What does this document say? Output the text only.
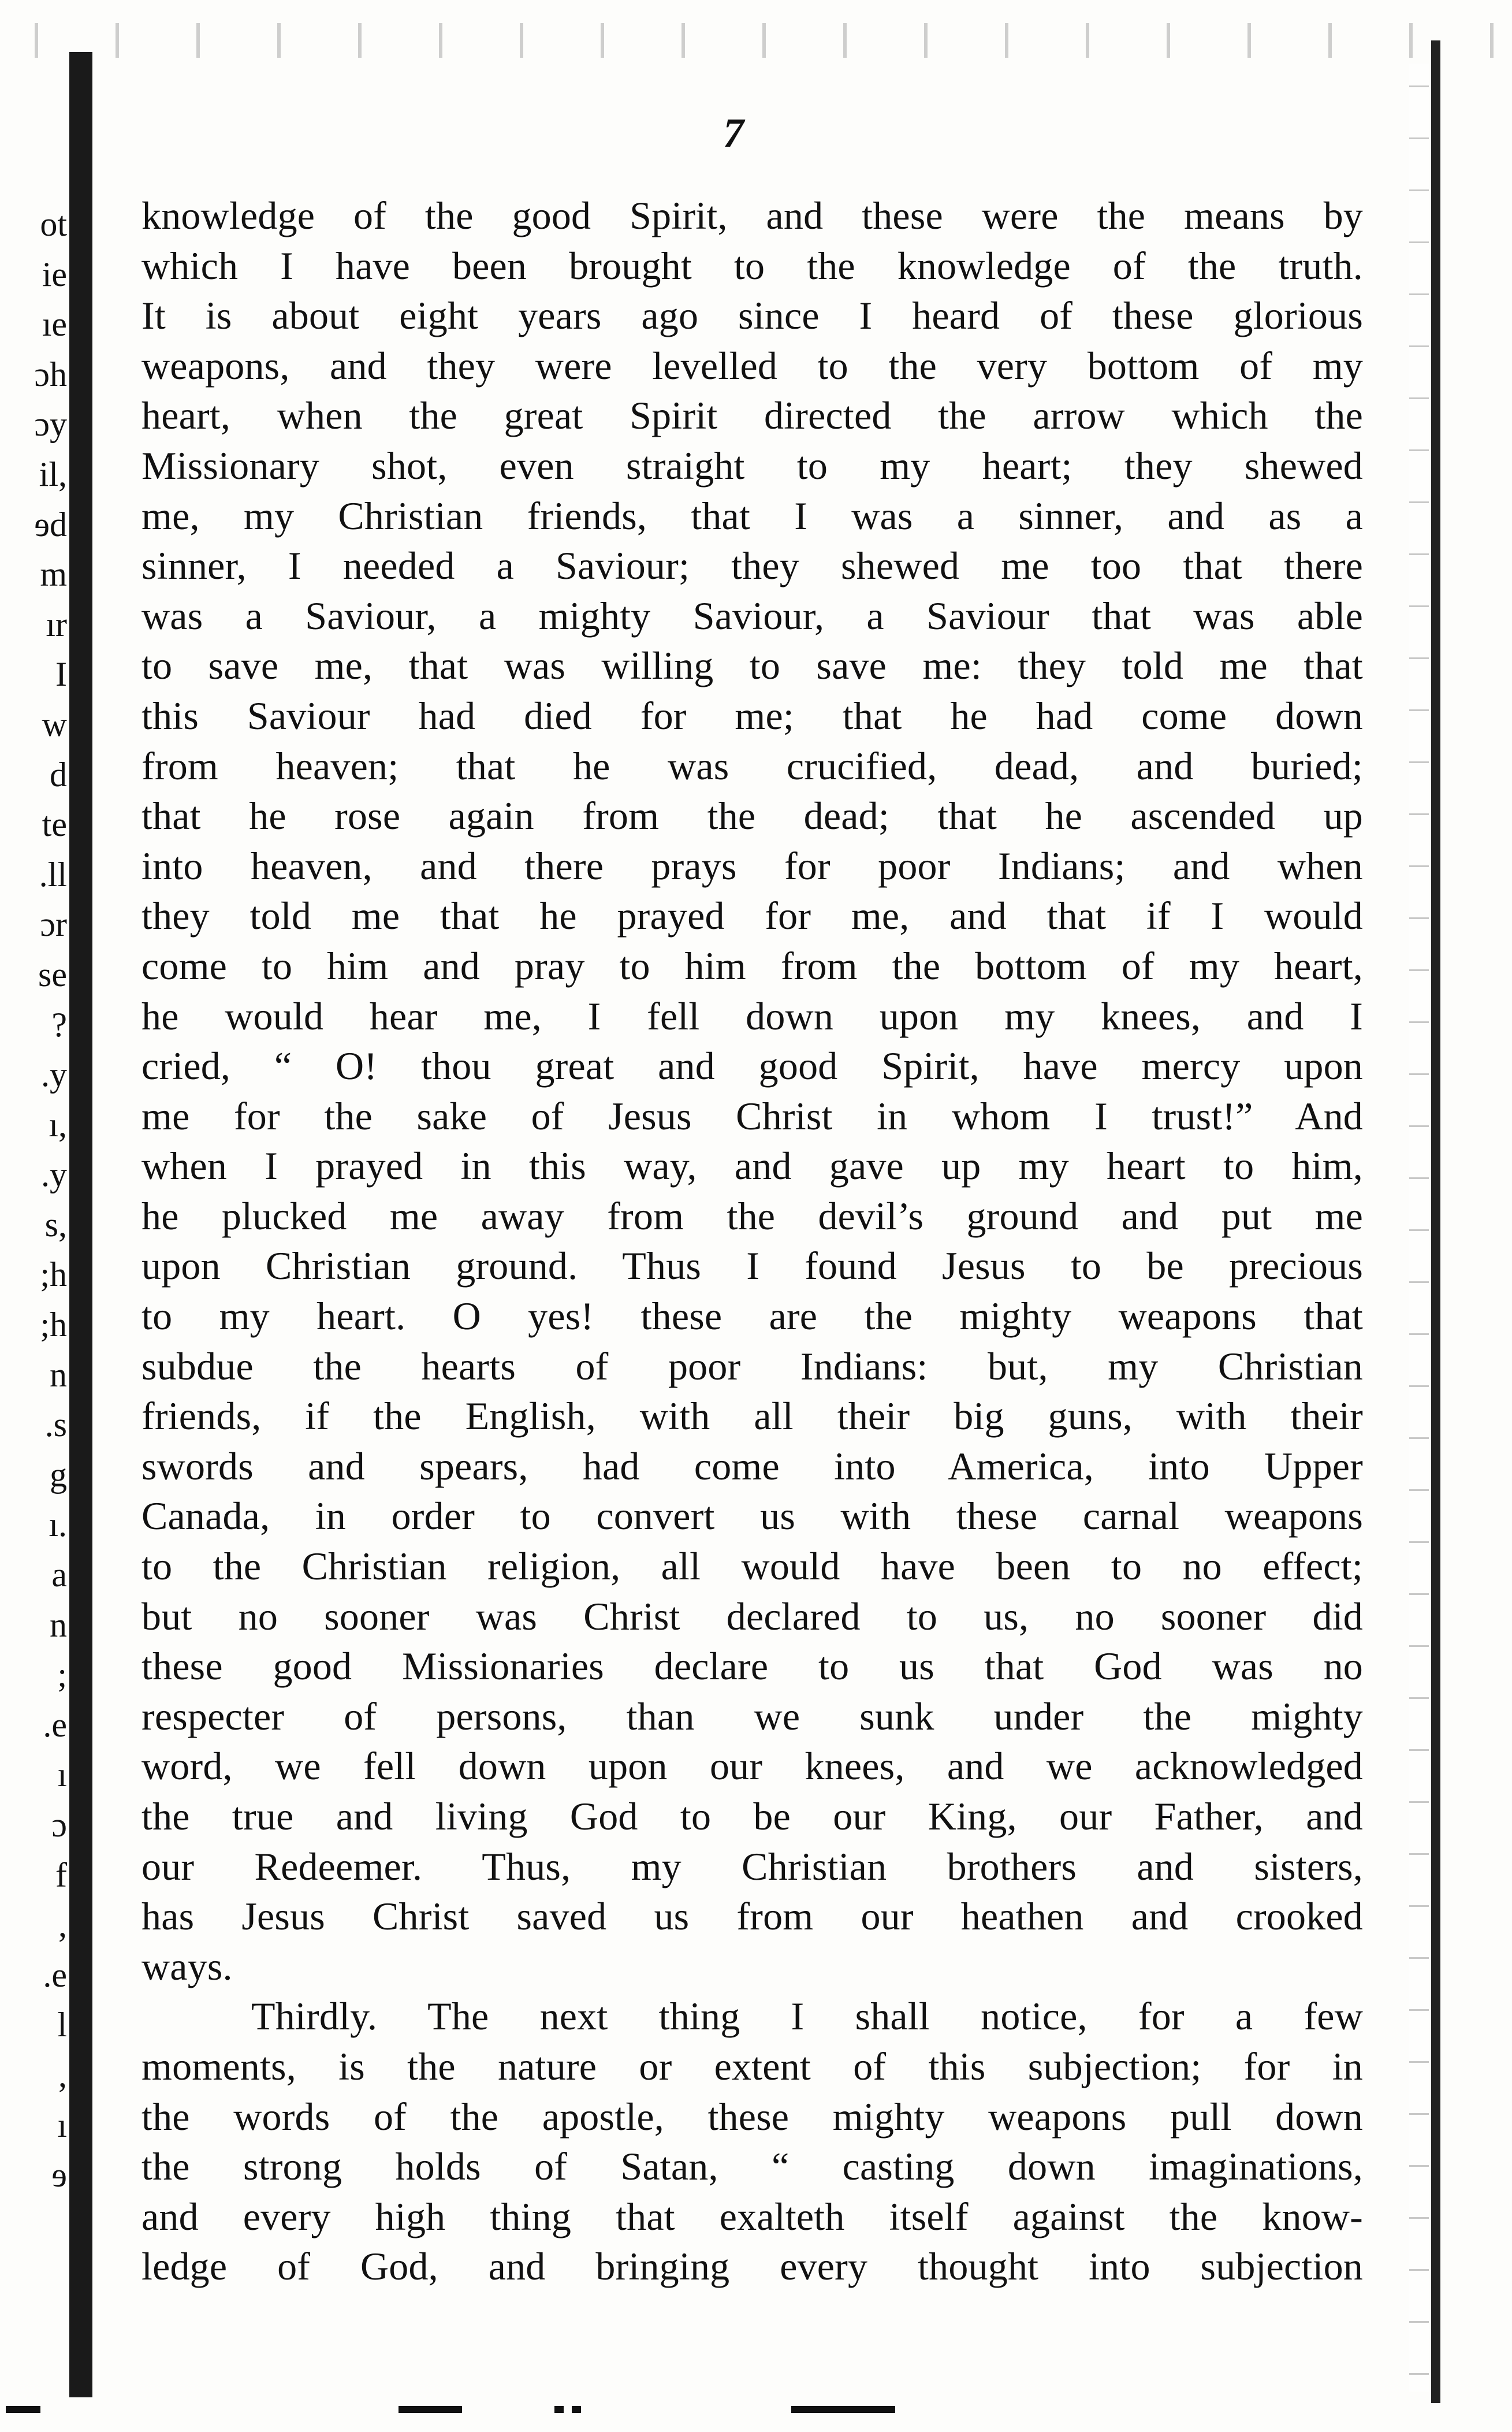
ot
ie
ıe
ɔh
ɔy
il,
ɘd
m
ır
I
w
d
te
.ll
ɔr
se
?
.y
ı,
.y
s,
;h
;h
n
.s
g
ı.
a
n
;
.e
ı
ɔ
f
,
.e
l
,
ı
ɘ
7
knowledge of the good Spirit, and these were the means by
which I have been brought to the knowledge of the truth.
It is about eight years ago since I heard of these glorious
weapons, and they were levelled to the very bottom of my
heart, when the great Spirit directed the arrow which the
Missionary shot, even straight to my heart; they shewed
me, my Christian friends, that I was a sinner, and as a
sinner, I needed a Saviour; they shewed me too that there
was a Saviour, a mighty Saviour, a Saviour that was able
to save me, that was willing to save me: they told me that
this Saviour had died for me; that he had come down
from heaven; that he was crucified, dead, and buried;
that he rose again from the dead; that he ascended up
into heaven, and there prays for poor Indians; and when
they told me that he prayed for me, and that if I would
come to him and pray to him from the bottom of my heart,
he would hear me, I fell down upon my knees, and I
cried, “ O! thou great and good Spirit, have mercy upon
me for the sake of Jesus Christ in whom I trust!” And
when I prayed in this way, and gave up my heart to him,
he plucked me away from the devil’s ground and put me
upon Christian ground. Thus I found Jesus to be precious
to my heart. O yes! these are the mighty weapons that
subdue the hearts of poor Indians: but, my Christian
friends, if the English, with all their big guns, with their
swords and spears, had come into America, into Upper
Canada, in order to convert us with these carnal weapons
to the Christian religion, all would have been to no effect;
but no sooner was Christ declared to us, no sooner did
these good Missionaries declare to us that God was no
respecter of persons, than we sunk under the mighty
word, we fell down upon our knees, and we acknowledged
the true and living God to be our King, our Father, and
our Redeemer. Thus, my Christian brothers and sisters,
has Jesus Christ saved us from our heathen and crooked
ways.
Thirdly. The next thing I shall notice, for a few
moments, is the nature or extent of this subjection; for in
the words of the apostle, these mighty weapons pull down
the strong holds of Satan, “ casting down imaginations,
and every high thing that exalteth itself against the know-
ledge of God, and bringing every thought into subjection
